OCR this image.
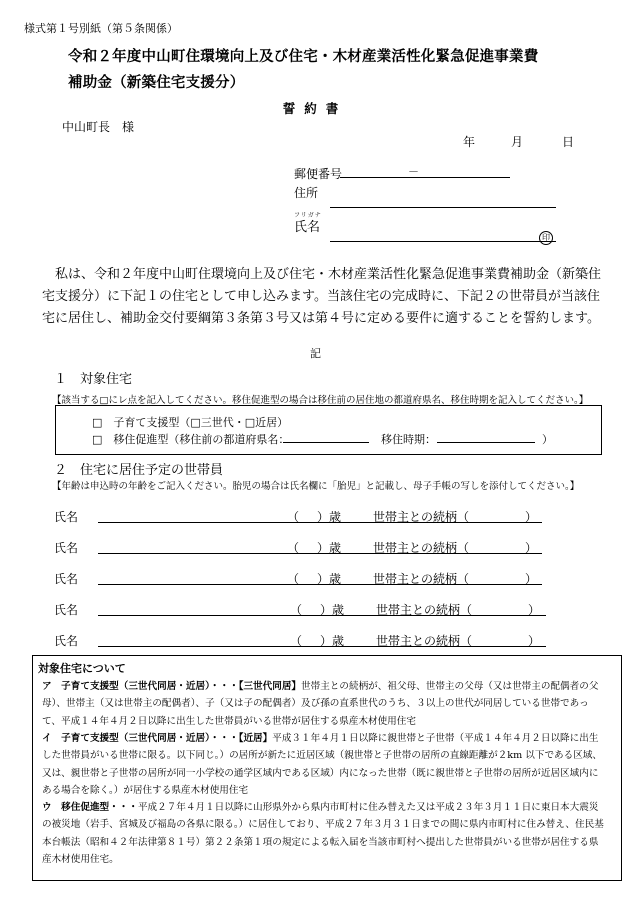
様式第１号別紙（第５条関係）
令和２年度中山町住環境向上及び住宅・木材産業活性化緊急促進事業費
補助金（新築住宅支援分）
誓約書
中山町長　様
年	月	日
郵便番号	－
住所
フリガナ
氏名
印
私は、令和２年度中山町住環境向上及び住宅・木材産業活性化緊急促進事業費補助金（新築住宅支援分）に下記１の住宅として申し込みます。当該住宅の完成時に、下記２の世帯員が当該住宅に居住し、補助金交付要綱第３条第３号又は第４号に定める要件に適することを誓約します。
記
１　対象住宅
【該当する□にレ点を記入してください。移住促進型の場合は移住前の居住地の都道府県名、移住時期を記入してください。】
□　子育て支援型（□三世代・□近居）
□　移住促進型（移住前の都道府県名：	移住時期：	）
２　住宅に居住予定の世帯員
【年齢は申込時の年齢をご記入ください。胎児の場合は氏名欄に「胎児」と記載し、母子手帳の写しを添付してください。】
氏名	（ ）歳	世帯主との続柄（	）
氏名	（ ）歳	世帯主との続柄（	）
氏名	（ ）歳	世帯主との続柄（	）
氏名	（ ）歳	世帯主との続柄（	）
氏名	（ ）歳	世帯主との続柄（	）
対象住宅について
ア　子育て支援型（三世代同居・近居）・・・【三世代同居】世帯主との続柄が、祖父母、世帯主の父母（又は世帯主の配偶者の父母）、世帯主（又は世帯主の配偶者）、子（又は子の配偶者）及び孫の直系世代のうち、３以上の世代が同居している世帯であって、平成１４年４月２日以降に出生した世帯員がいる世帯が居住する県産木材使用住宅
イ　子育て支援型（三世代同居・近居）・・・【近居】平成３１年４月１日以降に親世帯と子世帯（平成１４年４月２日以降に出生した世帯員がいる世帯に限る。以下同じ。）の居所が新たに近居区域（親世帯と子世帯の居所の直線距離が２km 以下である区域、又は、親世帯と子世帯の居所が同一小学校の通学区域内である区域）内になった世帯（既に親世帯と子世帯の居所が近居区域内にある場合を除く。）が居住する県産木材使用住宅
ウ　移住促進型・・・平成２７年４月１日以降に山形県外から県内市町村に住み替えた又は平成２３年３月１１日に東日本大震災の被災地（岩手、宮城及び福島の各県に限る。）に居住しており、平成２７年３月３１日までの間に県内市町村に住み替え、住民基本台帳法（昭和４２年法律第８１号）第２２条第１項の規定による転入届を当該市町村へ提出した世帯員がいる世帯が居住する県産木材使用住宅。
